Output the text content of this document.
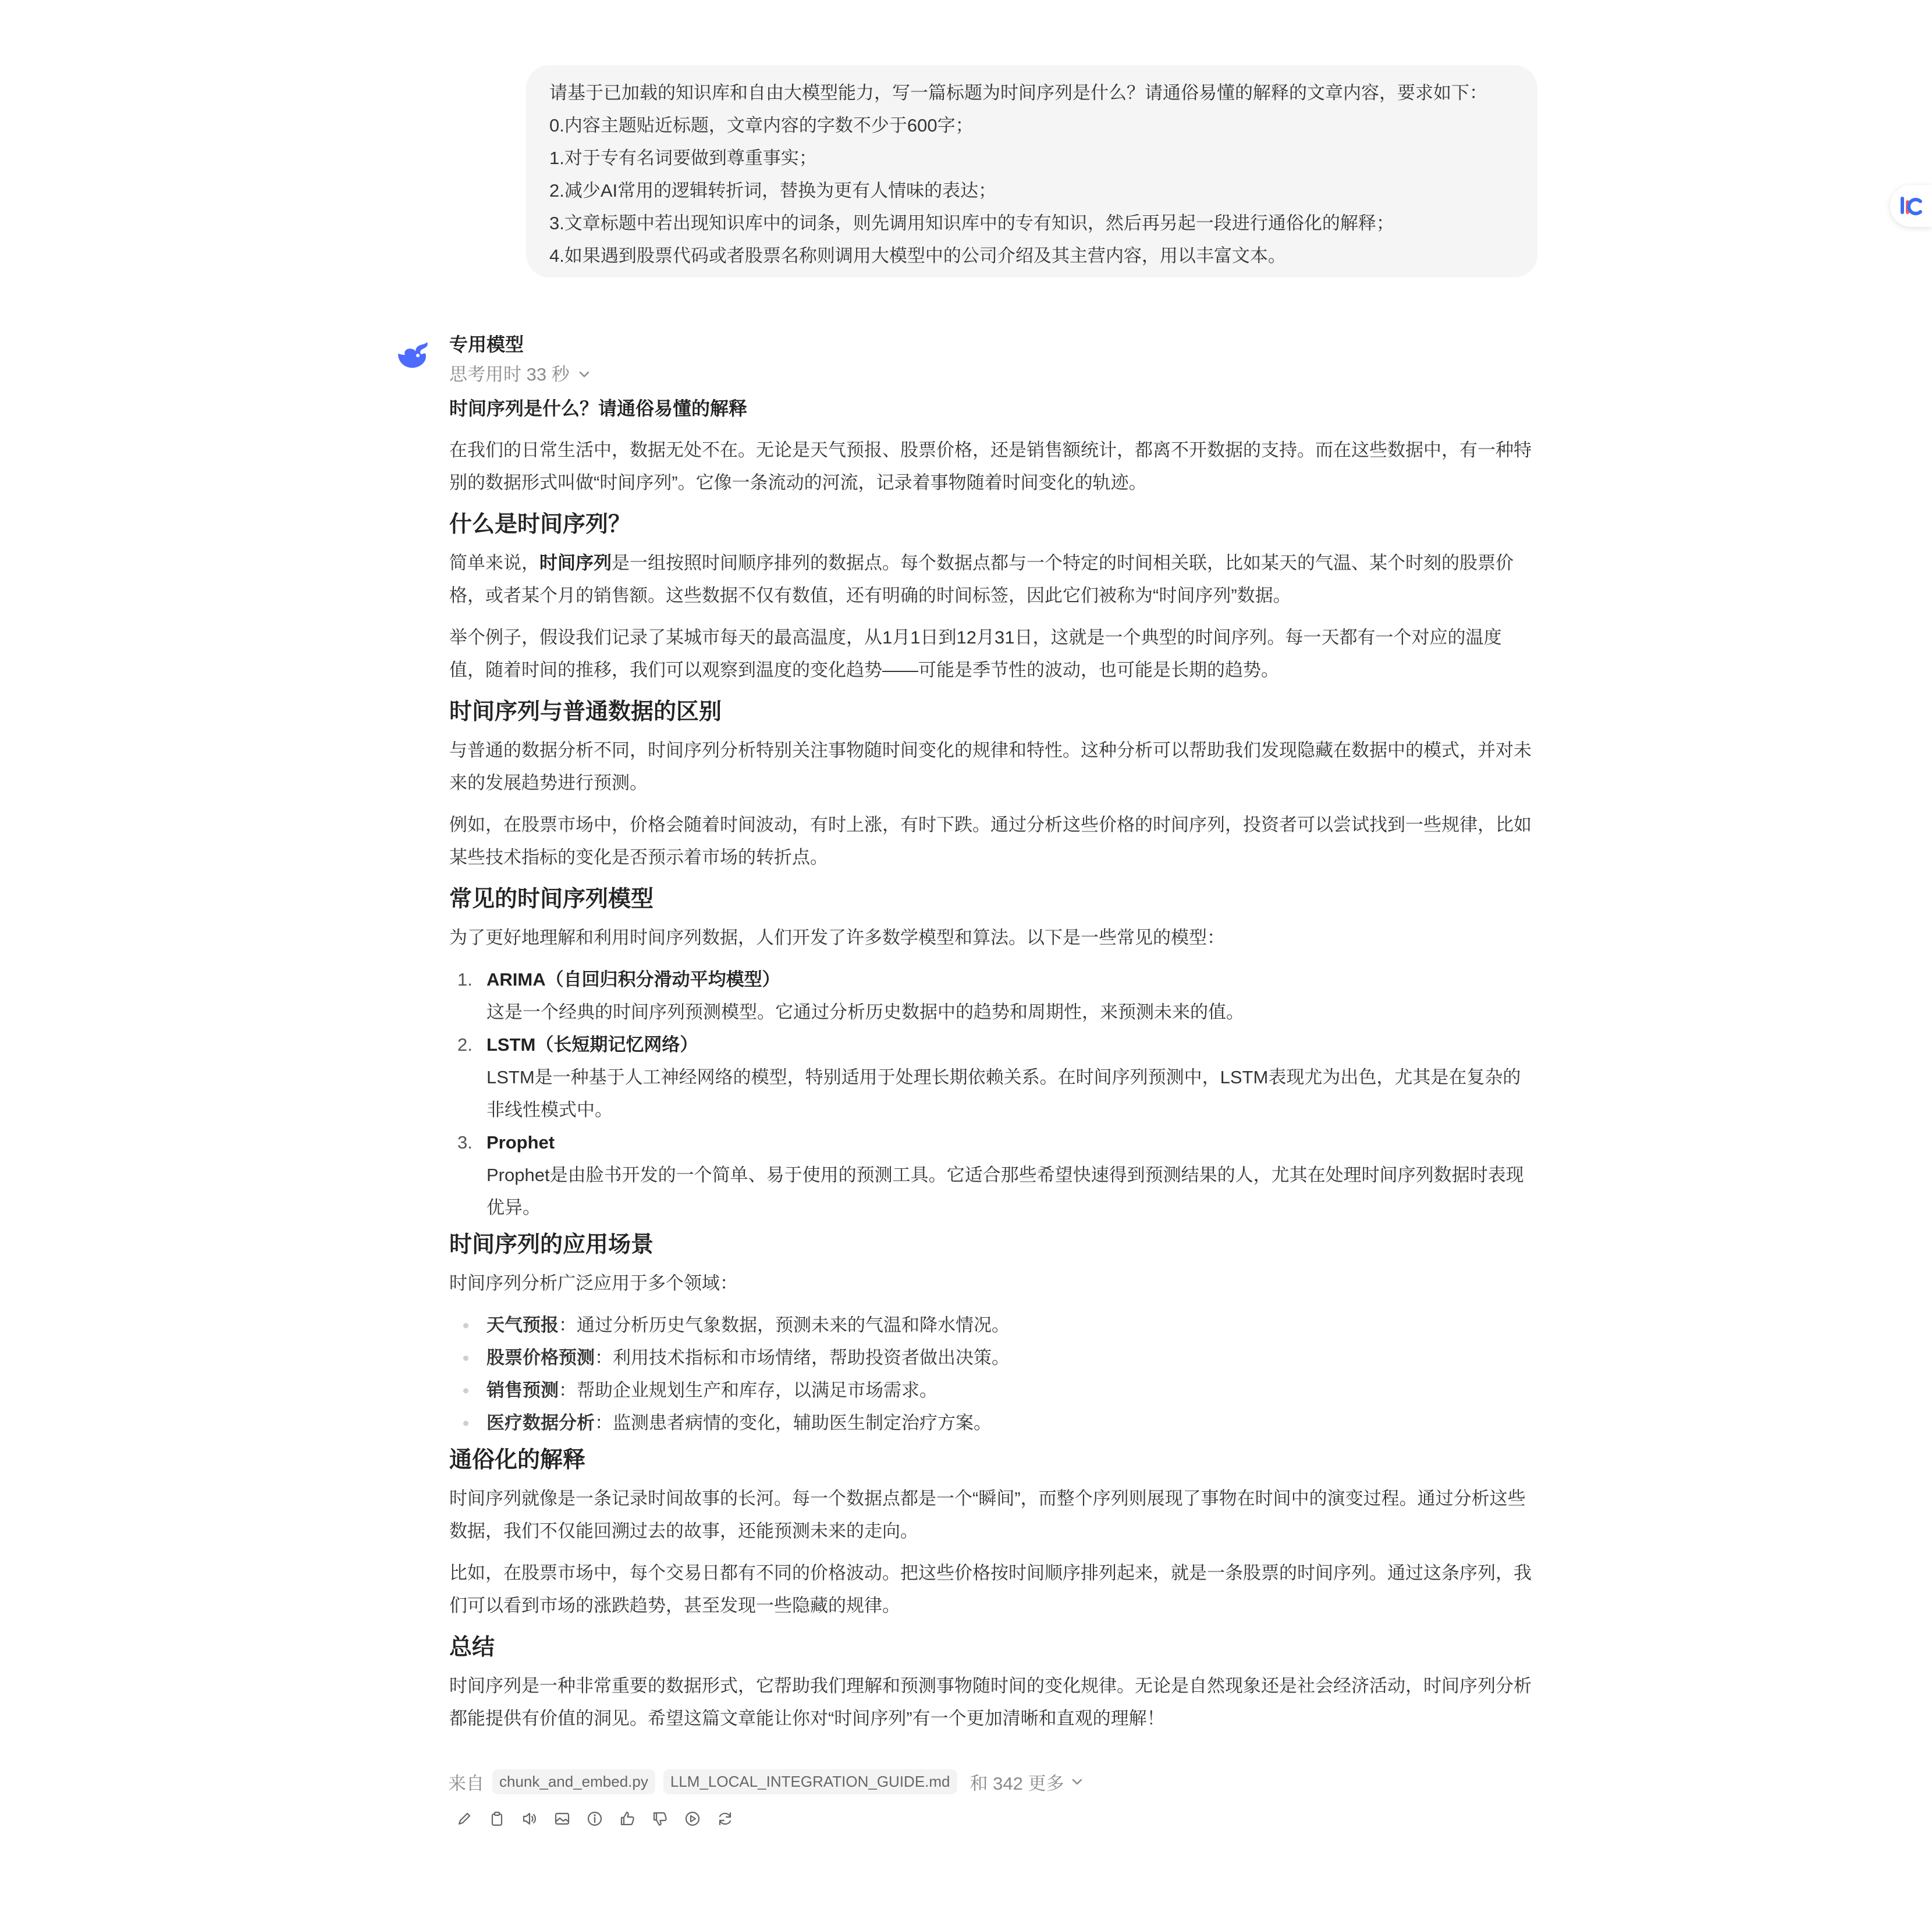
请基于已加载的知识库和自由大模型能力，写一篇标题为时间序列是什么？请通俗易懂的解释的文章内容，要求如下：
0.内容主题贴近标题，文章内容的字数不少于600字；
1.对于专有名词要做到尊重事实；
2.减少AI常用的逻辑转折词，替换为更有人情味的表达；
3.文章标题中若出现知识库中的词条，则先调用知识库中的专有知识，然后再另起一段进行通俗化的解释；
4.如果遇到股票代码或者股票名称则调用大模型中的公司介绍及其主营内容，用以丰富文本。
专用模型
思考用时 33 秒
时间序列是什么？请通俗易懂的解释
在我们的日常生活中，数据无处不在。无论是天气预报、股票价格，还是销售额统计，都离不开数据的支持。而在这些数据中，有一种特别的数据形式叫做“时间序列”。它像一条流动的河流，记录着事物随着时间变化的轨迹。
什么是时间序列？
简单来说，时间序列是一组按照时间顺序排列的数据点。每个数据点都与一个特定的时间相关联，比如某天的气温、某个时刻的股票价格，或者某个月的销售额。这些数据不仅有数值，还有明确的时间标签，因此它们被称为“时间序列”数据。
举个例子，假设我们记录了某城市每天的最高温度，从1月1日到12月31日，这就是一个典型的时间序列。每一天都有一个对应的温度值，随着时间的推移，我们可以观察到温度的变化趋势——可能是季节性的波动，也可能是长期的趋势。
时间序列与普通数据的区别
与普通的数据分析不同，时间序列分析特别关注事物随时间变化的规律和特性。这种分析可以帮助我们发现隐藏在数据中的模式，并对未来的发展趋势进行预测。
例如，在股票市场中，价格会随着时间波动，有时上涨，有时下跌。通过分析这些价格的时间序列，投资者可以尝试找到一些规律，比如某些技术指标的变化是否预示着市场的转折点。
常见的时间序列模型
为了更好地理解和利用时间序列数据，人们开发了许多数学模型和算法。以下是一些常见的模型：
1. ARIMA（自回归积分滑动平均模型）
这是一个经典的时间序列预测模型。它通过分析历史数据中的趋势和周期性，来预测未来的值。
2. LSTM（长短期记忆网络）
LSTM是一种基于人工神经网络的模型，特别适用于处理长期依赖关系。在时间序列预测中，LSTM表现尤为出色，尤其是在复杂的非线性模式中。
3. Prophet
Prophet是由脸书开发的一个简单、易于使用的预测工具。它适合那些希望快速得到预测结果的人，尤其在处理时间序列数据时表现优异。
时间序列的应用场景
时间序列分析广泛应用于多个领域：
天气预报：通过分析历史气象数据，预测未来的气温和降水情况。
股票价格预测：利用技术指标和市场情绪，帮助投资者做出决策。
销售预测：帮助企业规划生产和库存，以满足市场需求。
医疗数据分析：监测患者病情的变化，辅助医生制定治疗方案。
通俗化的解释
时间序列就像是一条记录时间故事的长河。每一个数据点都是一个“瞬间”，而整个序列则展现了事物在时间中的演变过程。通过分析这些数据，我们不仅能回溯过去的故事，还能预测未来的走向。
比如，在股票市场中，每个交易日都有不同的价格波动。把这些价格按时间顺序排列起来，就是一条股票的时间序列。通过这条序列，我们可以看到市场的涨跌趋势，甚至发现一些隐藏的规律。
总结
时间序列是一种非常重要的数据形式，它帮助我们理解和预测事物随时间的变化规律。无论是自然现象还是社会经济活动，时间序列分析都能提供有价值的洞见。希望这篇文章能让你对“时间序列”有一个更加清晰和直观的理解！
来自	chunk_and_embed.py	LLM_LOCAL_INTEGRATION_GUIDE.md	和 342 更多
